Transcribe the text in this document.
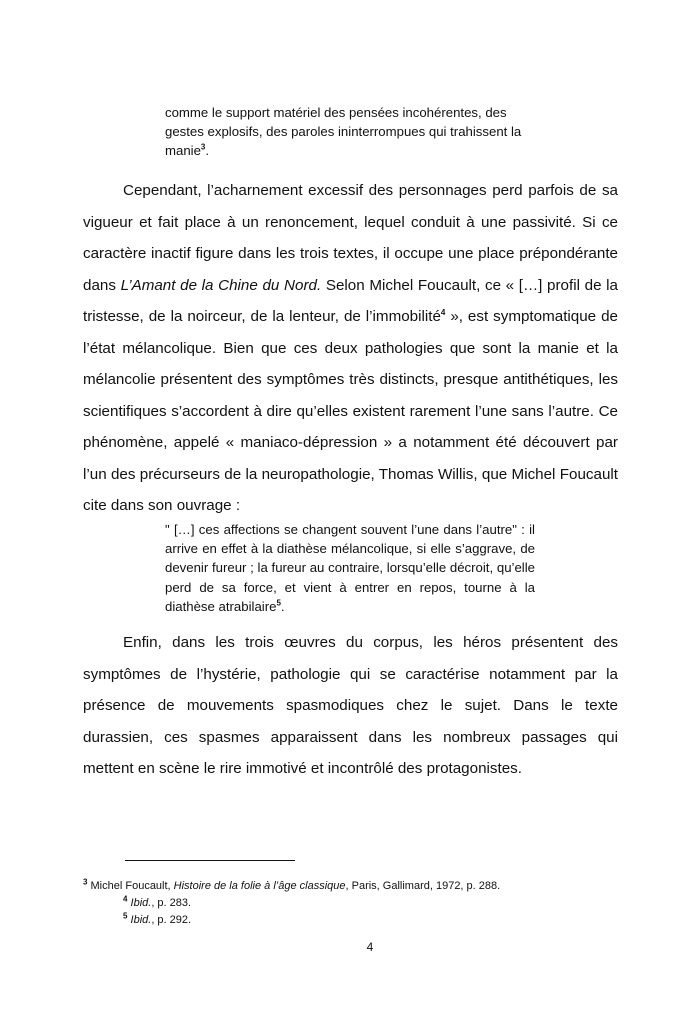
comme le support matériel des pensées incohérentes, des gestes explosifs, des paroles ininterrompues qui trahissent la manie$^3$.

Cependant, l’acharnement excessif des personnages perd parfois de sa vigueur et fait place à un renoncement, lequel conduit à une passivité. Si ce caractère inactif figure dans les trois textes, il occupe une place prépondérante dans L’Amant de la Chine du Nord. Selon Michel Foucault, ce « […] profil de la tristesse, de la noirceur, de la lenteur, de l’immobilité$^4$ », est symptomatique de l’état mélancolique. Bien que ces deux pathologies que sont la manie et la mélancolie présentent des symptômes très distincts, presque antithétiques, les scientifiques s’accordent à dire qu’elles existent rarement l’une sans l’autre. Ce phénomène, appelé « maniaco-dépression » a notamment été découvert par l’un des précurseurs de la neuropathologie, Thomas Willis, que Michel Foucault cite dans son ouvrage :

" […] ces affections se changent souvent l’une dans l’autre" : il arrive en effet à la diathèse mélancolique, si elle s’aggrave, de devenir fureur ; la fureur au contraire, lorsqu’elle décroit, qu’elle perd de sa force, et vient à entrer en repos, tourne à la diathèse atrabilaire$^5$.

Enfin, dans les trois œuvres du corpus, les héros présentent des symptômes de l’hystérie, pathologie qui se caractérise notamment par la présence de mouvements spasmodiques chez le sujet. Dans le texte durassien, ces spasmes apparaissent dans les nombreux passages qui mettent en scène le rire immotivé et incontrôlé des protagonistes.

$^3$ Michel Foucault, Histoire de la folie à l’âge classique, Paris, Gallimard, 1972, p. 288.

$^4$ Ibid., p. 283.

$^5$ Ibid., p. 292.

4
